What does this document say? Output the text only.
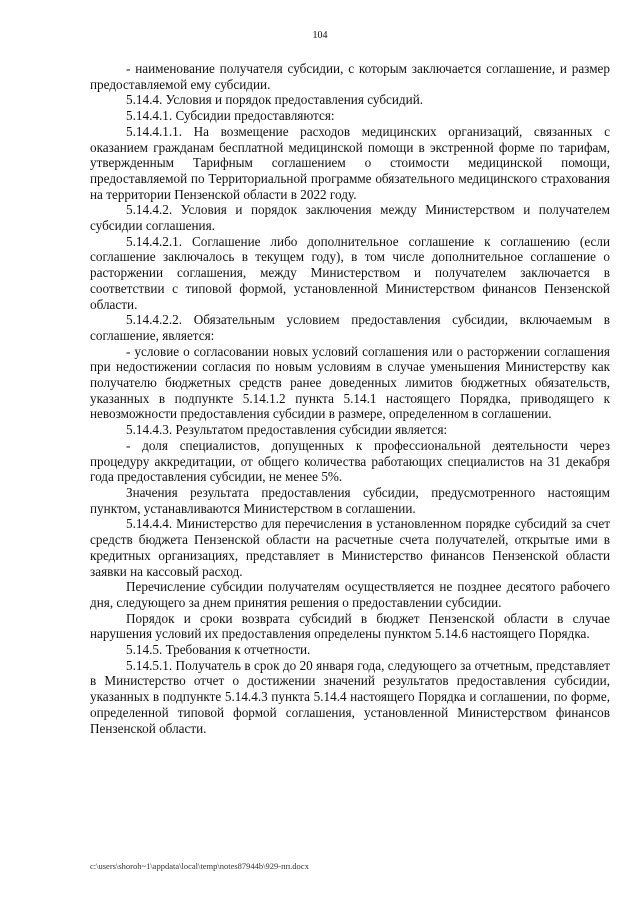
104

- наименование получателя субсидии, с которым заключается соглашение, и размер предоставляемой ему субсидии.

5.14.4. Условия и порядок предоставления субсидий.

5.14.4.1. Субсидии предоставляются:

5.14.4.1.1. На возмещение расходов медицинских организаций, связанных с оказанием гражданам бесплатной медицинской помощи в экстренной форме по тарифам, утвержденным Тарифным соглашением о стоимости медицинской помощи, предоставляемой по Территориальной программе обязательного медицинского страхования на территории Пензенской области в 2022 году.

5.14.4.2. Условия и порядок заключения между Министерством и получателем субсидии соглашения.

5.14.4.2.1. Соглашение либо дополнительное соглашение к соглашению (если соглашение заключалось в текущем году), в том числе дополнительное соглашение о расторжении соглашения, между Министерством и получателем заключается в соответствии с типовой формой, установленной Министерством финансов Пензенской области.

5.14.4.2.2. Обязательным условием предоставления субсидии, включаемым в соглашение, является:

- условие о согласовании новых условий соглашения или о расторжении соглашения при недостижении согласия по новым условиям в случае уменьшения Министерству как получателю бюджетных средств ранее доведенных лимитов бюджетных обязательств, указанных в подпункте 5.14.1.2 пункта 5.14.1 настоящего Порядка, приводящего к невозможности предоставления субсидии в размере, определенном в соглашении.

5.14.4.3. Результатом предоставления субсидии является:

- доля специалистов, допущенных к профессиональной деятельности через процедуру аккредитации, от общего количества работающих специалистов на 31 декабря года предоставления субсидии, не менее 5%.

Значения результата предоставления субсидии, предусмотренного настоящим пунктом, устанавливаются Министерством в соглашении.

5.14.4.4. Министерство для перечисления в установленном порядке субсидий за счет средств бюджета Пензенской области на расчетные счета получателей, открытые ими в кредитных организациях, представляет в Министерство финансов Пензенской области заявки на кассовый расход.

Перечисление субсидии получателям осуществляется не позднее десятого рабочего дня, следующего за днем принятия решения о предоставлении субсидии.

Порядок и сроки возврата субсидий в бюджет Пензенской области в случае нарушения условий их предоставления определены пунктом 5.14.6 настоящего Порядка.

5.14.5. Требования к отчетности.

5.14.5.1. Получатель в срок до 20 января года, следующего за отчетным, представляет в Министерство отчет о достижении значений результатов предоставления субсидии, указанных в подпункте 5.14.4.3 пункта 5.14.4 настоящего Порядка и соглашении, по форме, определенной типовой формой соглашения, установленной Министерством финансов Пензенской области.

c:\users\shoroh~1\appdata\local\temp\notes87944b\929-пп.docx
